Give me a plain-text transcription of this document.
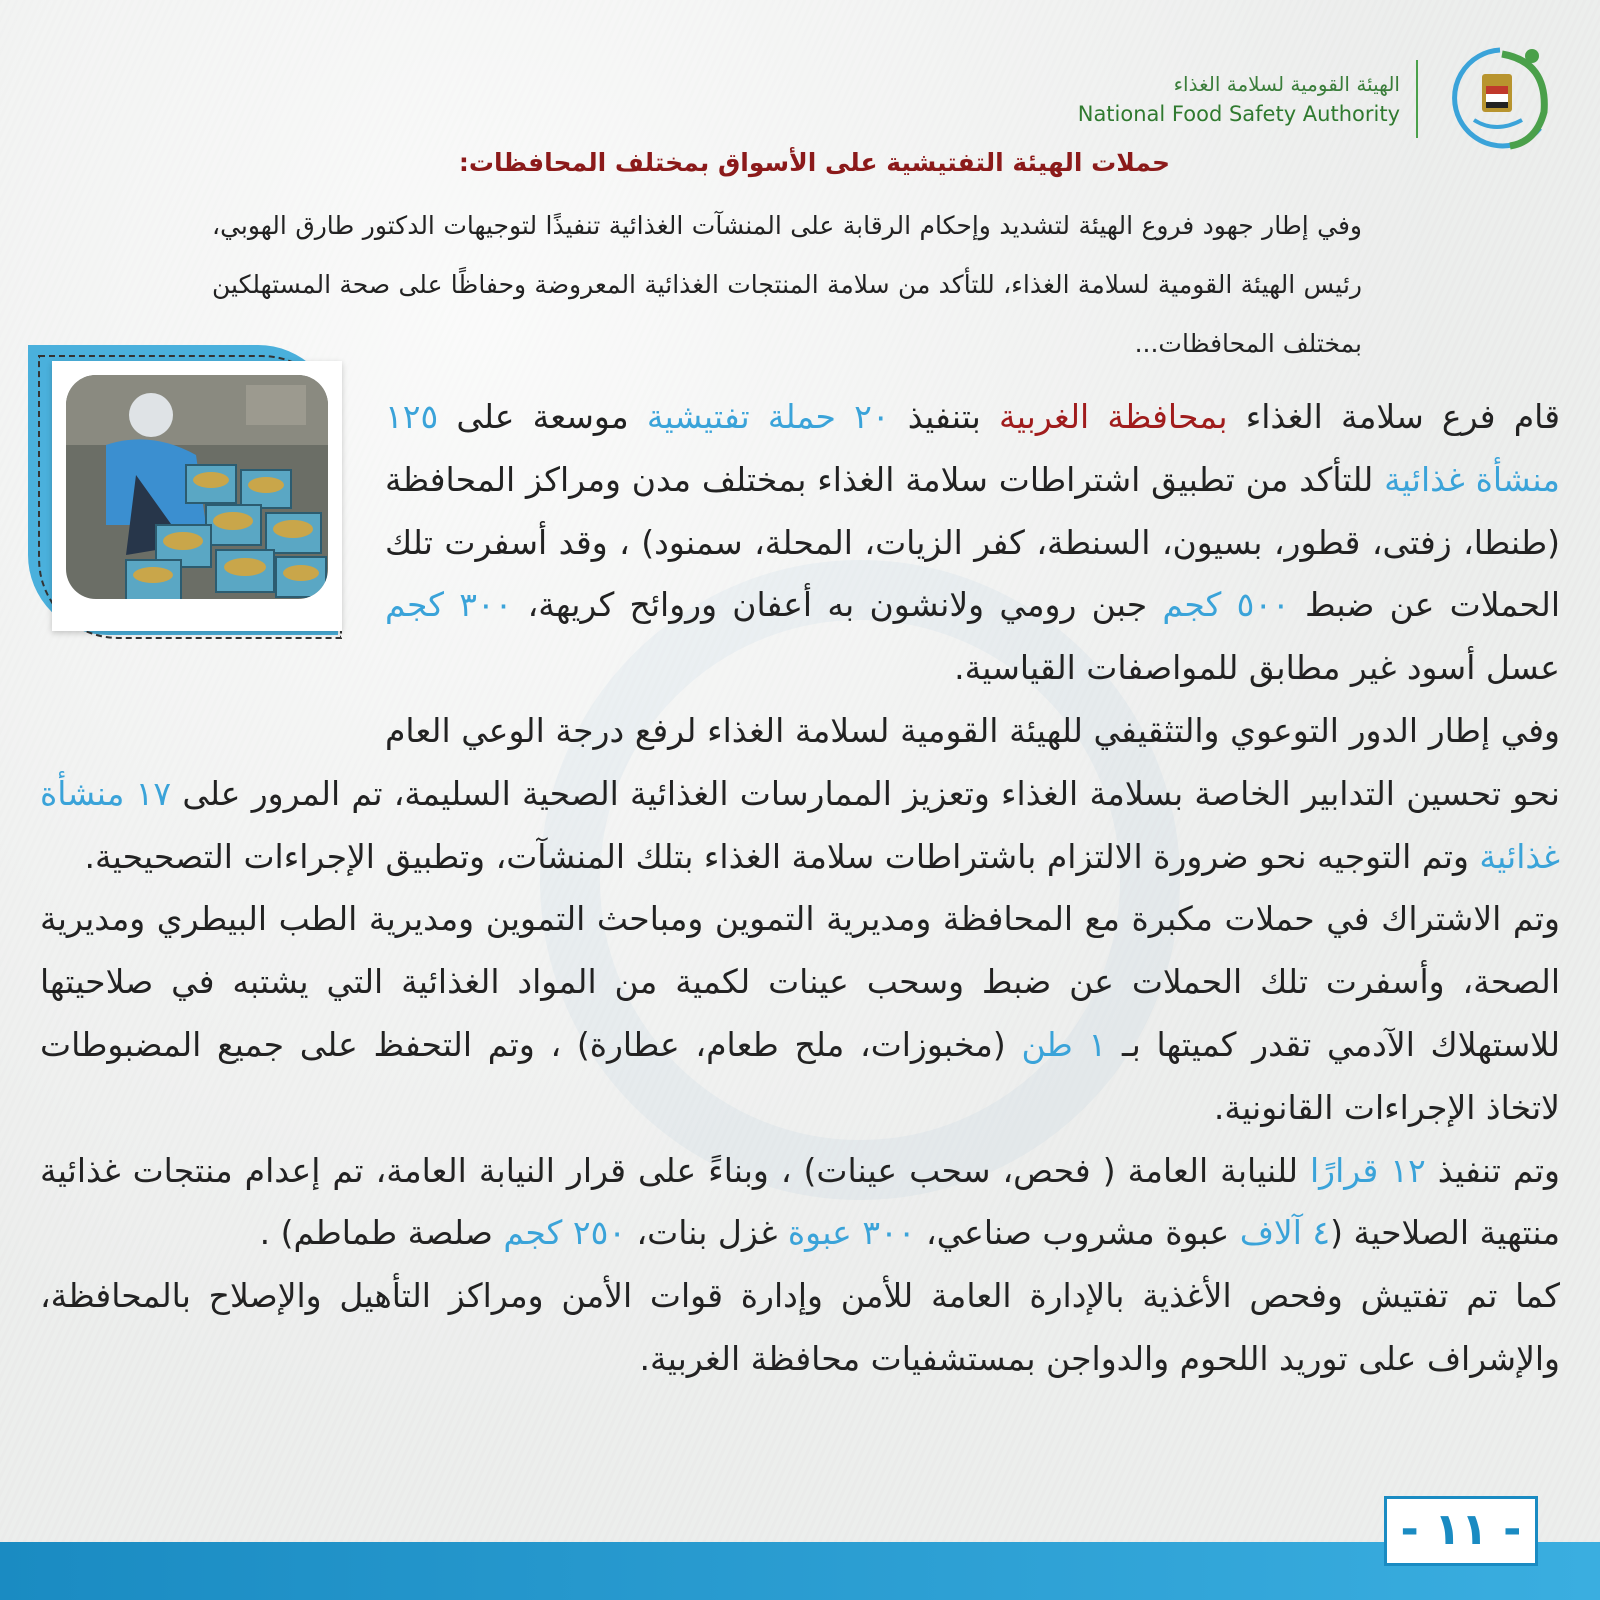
الهيئة القومية لسلامة الغذاء
National Food Safety Authority
حملات الهيئة التفتيشية على الأسواق بمختلف المحافظات:
وفي إطار جهود فروع الهيئة لتشديد وإحكام الرقابة على المنشآت الغذائية تنفيذًا لتوجيهات الدكتور طارق الهوبي، رئيس الهيئة القومية لسلامة الغذاء، للتأكد من سلامة المنتجات الغذائية المعروضة وحفاظًا على صحة المستهلكين بمختلف المحافظات...

قام فرع سلامة الغذاء بمحافظة الغربية بتنفيذ ٢٠ حملة تفتيشية موسعة على ١٢٥ منشأة غذائية للتأكد من تطبيق اشتراطات سلامة الغذاء بمختلف مدن ومراكز المحافظة (طنطا، زفتى، قطور، بسيون، السنطة، كفر الزيات، المحلة، سمنود) ، وقد أسفرت تلك الحملات عن ضبط ٥٠٠ كجم جبن رومي ولانشون به أعفان وروائح كريهة، ٣٠٠ كجم عسل أسود غير مطابق للمواصفات القياسية.

وفي إطار الدور التوعوي والتثقيفي للهيئة القومية لسلامة الغذاء لرفع درجة الوعي العام نحو تحسين التدابير الخاصة بسلامة الغذاء وتعزيز الممارسات الغذائية الصحية السليمة، تم المرور على ١٧ منشأة غذائية وتم التوجيه نحو ضرورة الالتزام باشتراطات سلامة الغذاء بتلك المنشآت، وتطبيق الإجراءات التصحيحية.

وتم الاشتراك في حملات مكبرة مع المحافظة ومديرية التموين ومباحث التموين ومديرية الطب البيطري ومديرية الصحة، وأسفرت تلك الحملات عن ضبط وسحب عينات لكمية من المواد الغذائية التي يشتبه في صلاحيتها للاستهلاك الآدمي تقدر كميتها بـ ١ طن (مخبوزات، ملح طعام، عطارة) ، وتم التحفظ على جميع المضبوطات لاتخاذ الإجراءات القانونية.

وتم تنفيذ ١٢ قرارًا للنيابة العامة ( فحص، سحب عينات) ، وبناءً على قرار النيابة العامة، تم إعدام منتجات غذائية منتهية الصلاحية (٤ آلاف عبوة مشروب صناعي، ٣٠٠ عبوة غزل بنات، ٢٥٠ كجم صلصة طماطم) .

كما تم تفتيش وفحص الأغذية بالإدارة العامة للأمن وإدارة قوات الأمن ومراكز التأهيل والإصلاح بالمحافظة، والإشراف على توريد اللحوم والدواجن بمستشفيات محافظة الغربية.

- ١١ -
